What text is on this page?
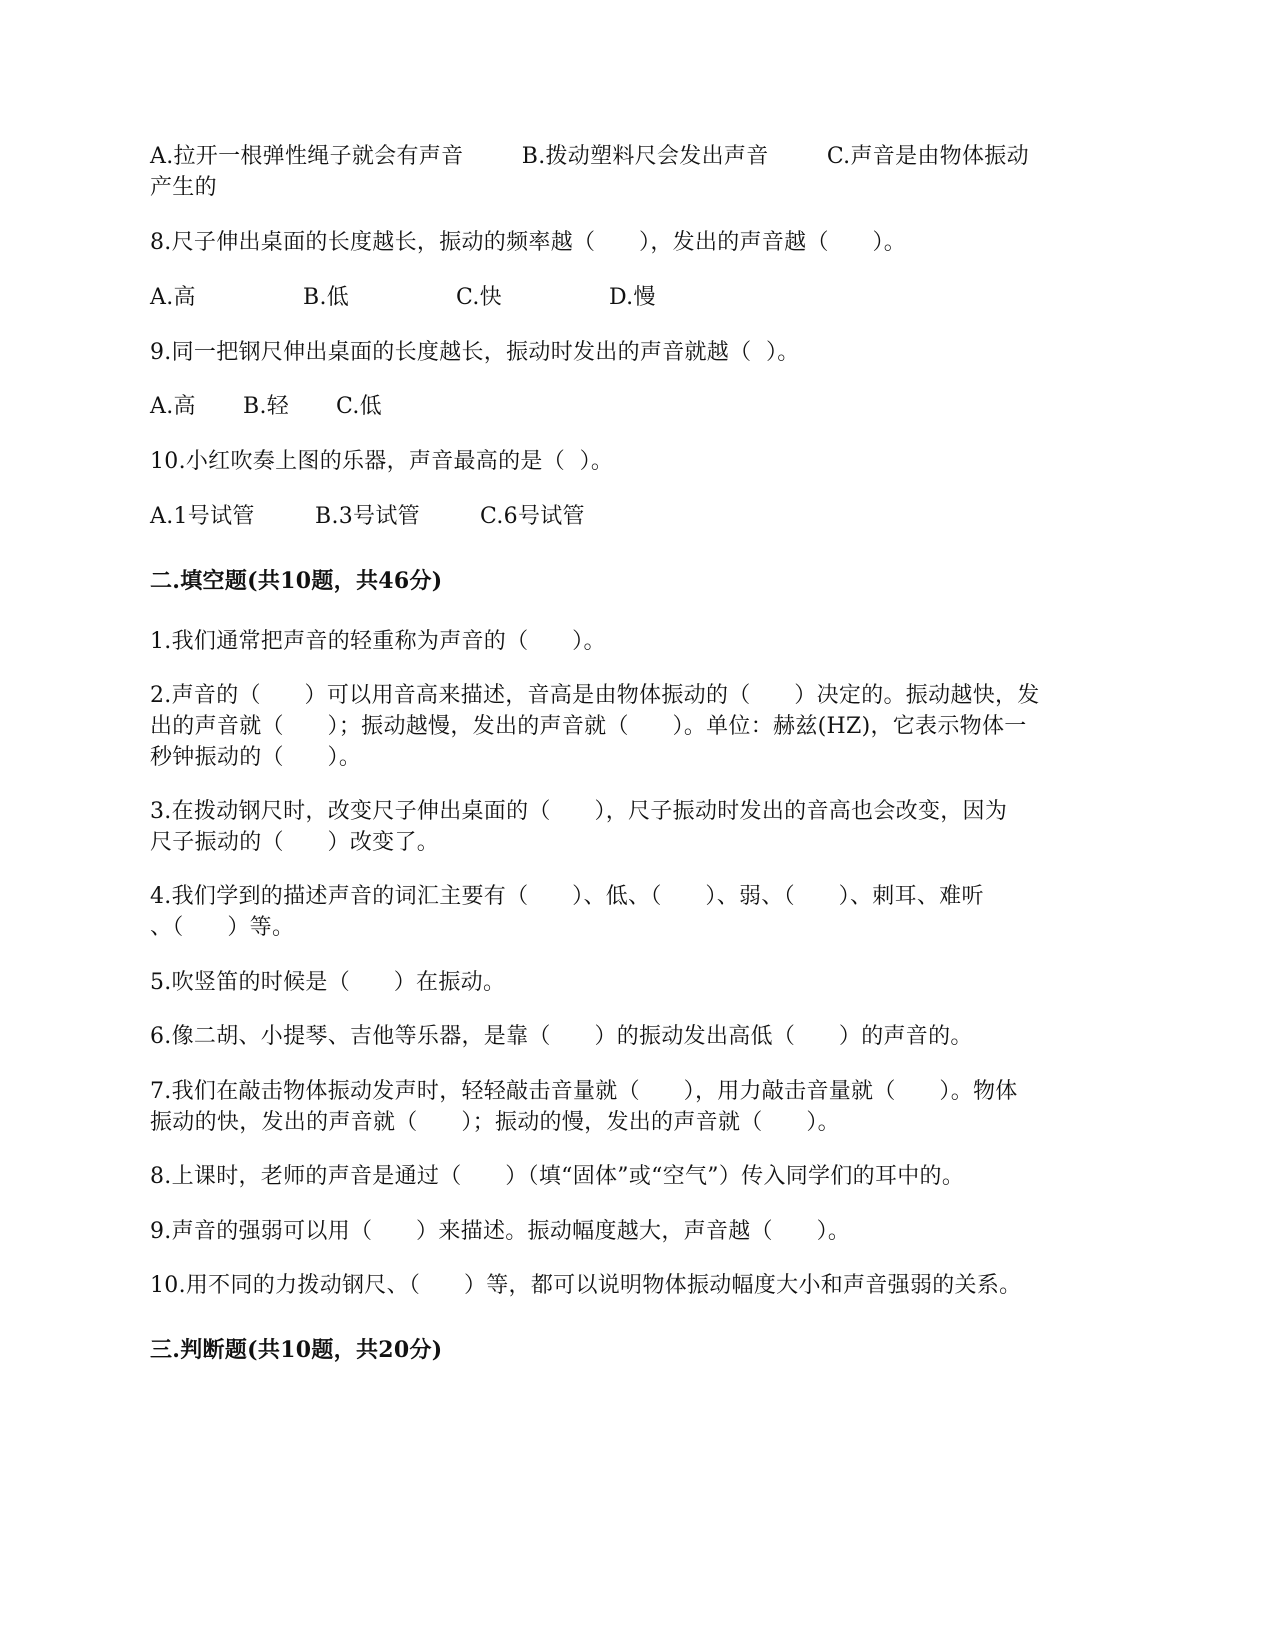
A.拉开一根弹性绳子就会有声音        B.拨动塑料尺会发出声音        C.声音是由物体振动
产生的
8.尺子伸出桌面的长度越长，振动的频率越（      ），发出的声音越（      ）。
A.高	B.低	C.快	D.慢
9.同一把钢尺伸出桌面的长度越长，振动时发出的声音就越（  ）。
A.高	B.轻	C.低
10.小红吹奏上图的乐器，声音最高的是（  ）。
A.1号试管	B.3号试管	C.6号试管
二.填空题(共10题，共46分)
1.我们通常把声音的轻重称为声音的（      ）。
2.声音的（      ）可以用音高来描述，音高是由物体振动的（      ）决定的。振动越快，发
出的声音就（      ）；振动越慢，发出的声音就（      ）。单位：赫兹(HZ)，它表示物体一
秒钟振动的（      ）。
3.在拨动钢尺时，改变尺子伸出桌面的（      ），尺子振动时发出的音高也会改变，因为
尺子振动的（      ）改变了。
4.我们学到的描述声音的词汇主要有（      ）、低、（      ）、弱、（      ）、刺耳、难听
、（      ）等。
5.吹竖笛的时候是（      ）在振动。
6.像二胡、小提琴、吉他等乐器，是靠（      ）的振动发出高低（      ）的声音的。
7.我们在敲击物体振动发声时，轻轻敲击音量就（      ），用力敲击音量就（      ）。物体
振动的快，发出的声音就（      ）；振动的慢，发出的声音就（      ）。
8.上课时，老师的声音是通过（      ）（填“固体”或“空气”）传入同学们的耳中的。
9.声音的强弱可以用（      ）来描述。振动幅度越大，声音越（      ）。
10.用不同的力拨动钢尺、（      ）等，都可以说明物体振动幅度大小和声音强弱的关系。
三.判断题(共10题，共20分)
